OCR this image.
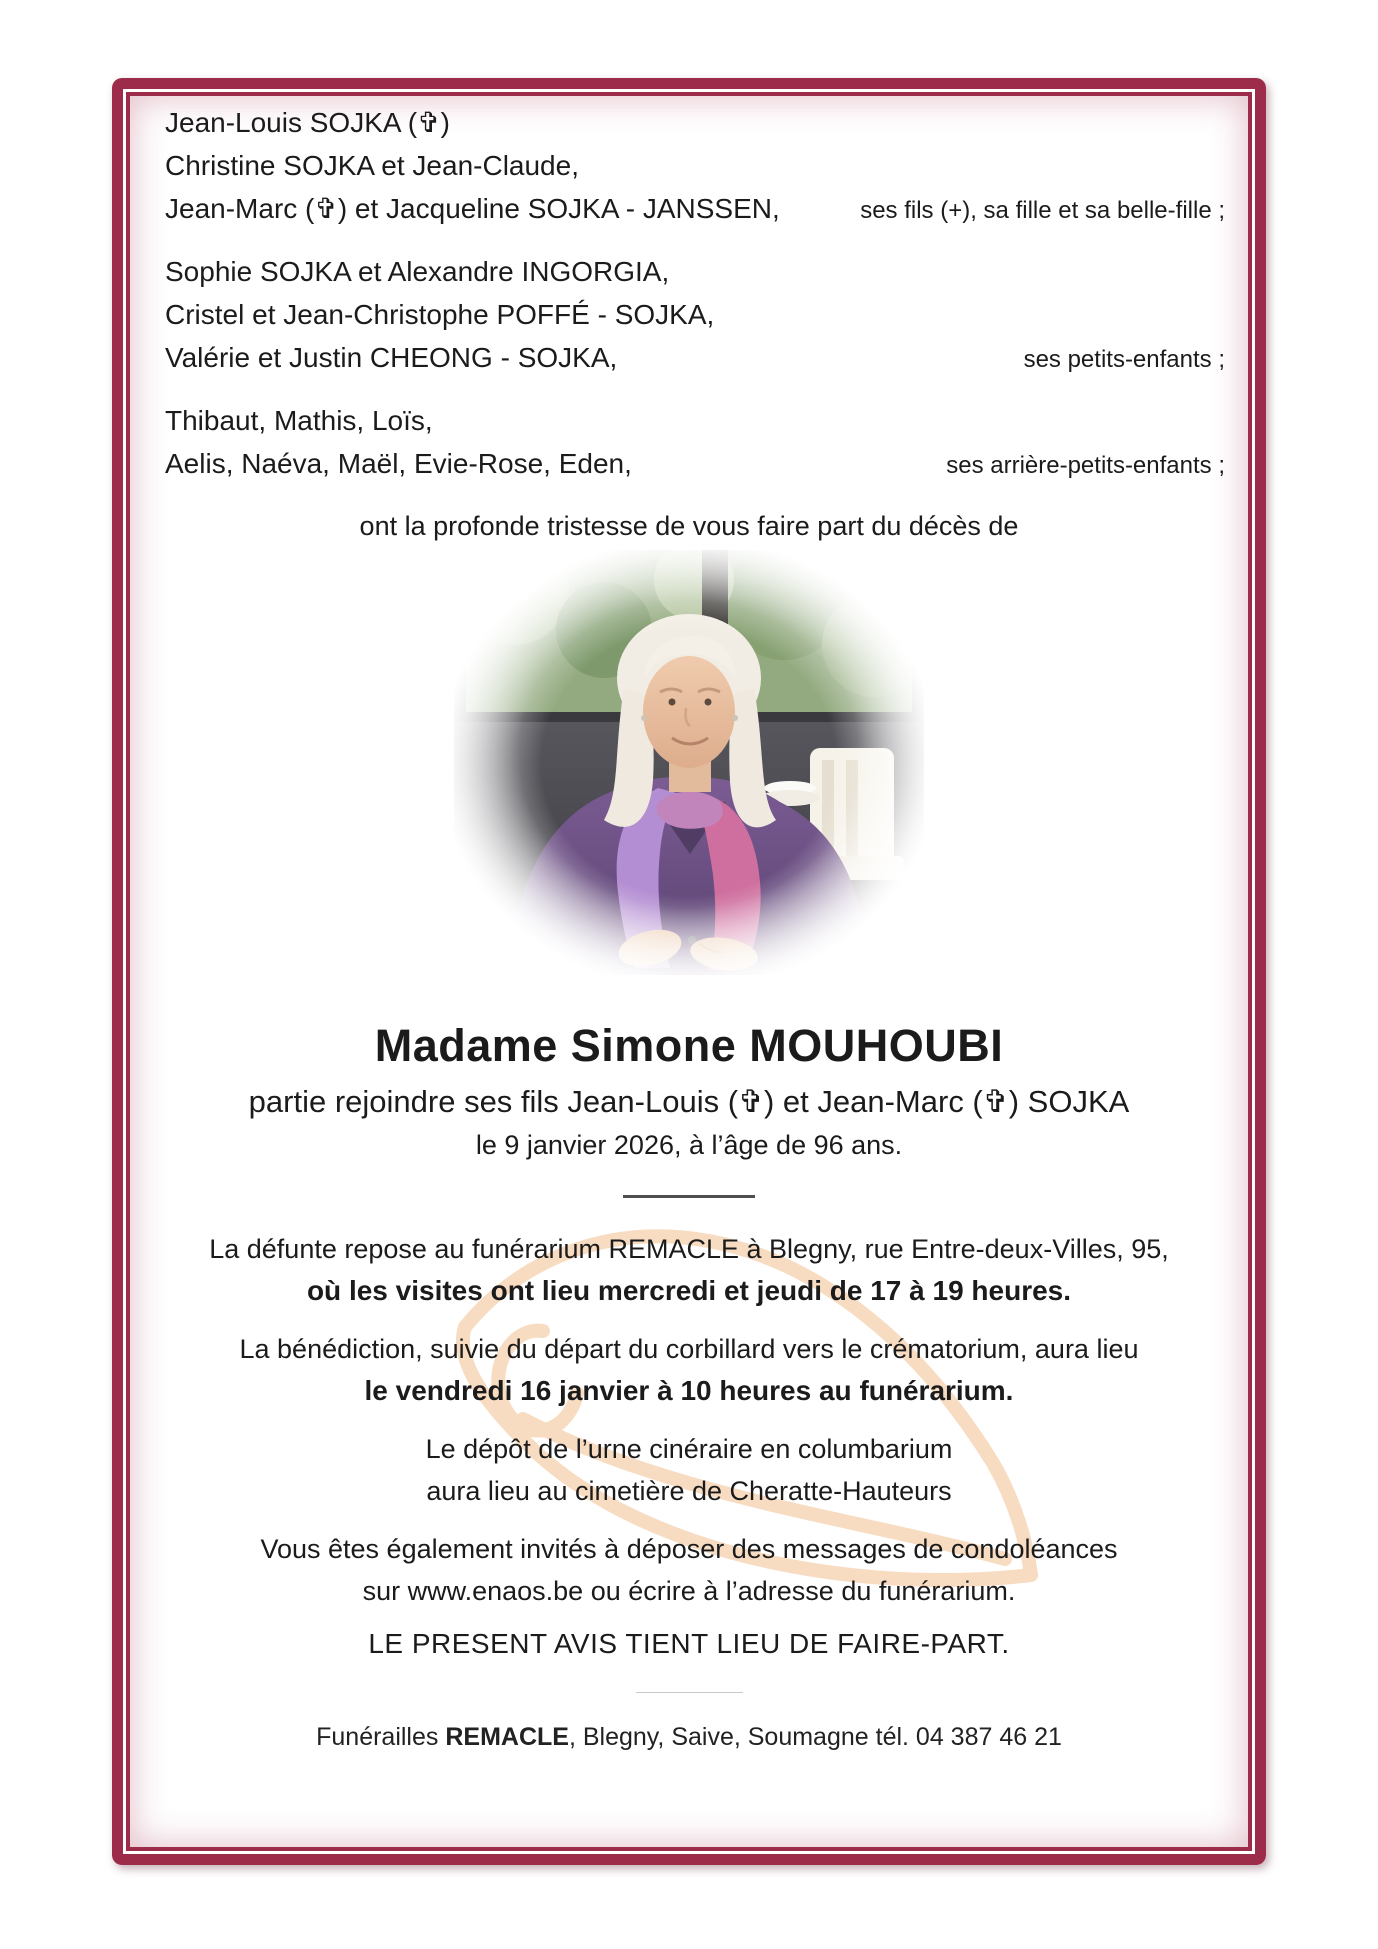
Jean-Louis SOJKA (✞)
Christine SOJKA et Jean-Claude,
Jean-Marc (✞) et Jacqueline SOJKA - JANSSEN,	ses fils (+), sa fille et sa belle-fille ;
Sophie SOJKA et Alexandre INGORGIA,
Cristel et Jean-Christophe POFFÉ - SOJKA,
Valérie et Justin CHEONG - SOJKA,	ses petits-enfants ;
Thibaut, Mathis, Loïs,
Aelis, Naéva, Maël, Evie-Rose, Eden,	ses arrière-petits-enfants ;
ont la profonde tristesse de vous faire part du décès de
Madame Simone MOUHOUBI
partie rejoindre ses fils Jean-Louis (✞) et Jean-Marc (✞) SOJKA
le 9 janvier 2026, à l’âge de 96 ans.
La défunte repose au funérarium REMACLE à Blegny, rue Entre-deux-Villes, 95,
où les visites ont lieu mercredi et jeudi de 17 à 19 heures.
La bénédiction, suivie du départ du corbillard vers le crématorium, aura lieu
le vendredi 16 janvier à 10 heures au funérarium.
Le dépôt de l’urne cinéraire en columbarium
aura lieu au cimetière de Cheratte-Hauteurs
Vous êtes également invités à déposer des messages de condoléances
sur www.enaos.be ou écrire à l’adresse du funérarium.
LE PRESENT AVIS TIENT LIEU DE FAIRE-PART.
Funérailles REMACLE, Blegny, Saive, Soumagne tél. 04 387 46 21
